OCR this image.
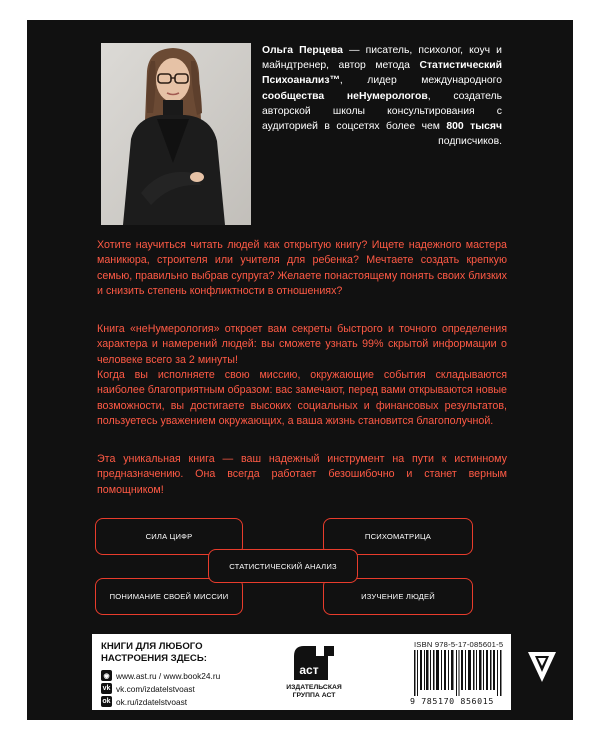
Ольга Перцева — писатель, психолог, коуч и майндтренер, автор метода Статистический Психоанализ™, лидер международного сообщества неНумерологов, создатель авторской школы консультирования с аудиторией в соцсетях более чем 800 тысяч подписчиков.
Хотите научиться читать людей как открытую книгу? Ищете надежного мастера маникюра, строителя или учителя для ребенка? Мечтаете создать крепкую семью, правильно выбрав супруга? Желаете понастоящему понять своих близких и снизить степень конфликтности в отношениях?
Книга «неНумерология» откроет вам секреты быстрого и точного определения характера и намерений людей: вы сможете узнать 99% скрытой информации о человеке всего за 2 минуты!
Когда вы исполняете свою миссию, окружающие события складываются наиболее благоприятным образом: вас замечают, перед вами открываются новые возможности, вы достигаете высоких социальных и финансовых результатов, пользуетесь уважением окружающих, а ваша жизнь становится благополучной.
Эта уникальная книга — ваш надежный инструмент на пути к истинному предназначению. Она всегда работает безошибочно и станет верным помощником!
СИЛА ЦИФР	ПСИХОМАТРИЦА
ПОНИМАНИЕ СВОЕЙ МИССИИ	ИЗУЧЕНИЕ ЛЮДЕЙ
СТАТИСТИЧЕСКИЙ АНАЛИЗ
КНИГИ ДЛЯ ЛЮБОГО
НАСТРОЕНИЯ ЗДЕСЬ:
◉ www.ast.ru / www.book24.ru
vk vk.com/izdatelstvoast
ok ok.ru/izdatelstvoast
аст
ИЗДАТЕЛЬСКАЯ
ГРУППА АСТ
ISBN 978-5-17-085601-5
9 785170 856015
